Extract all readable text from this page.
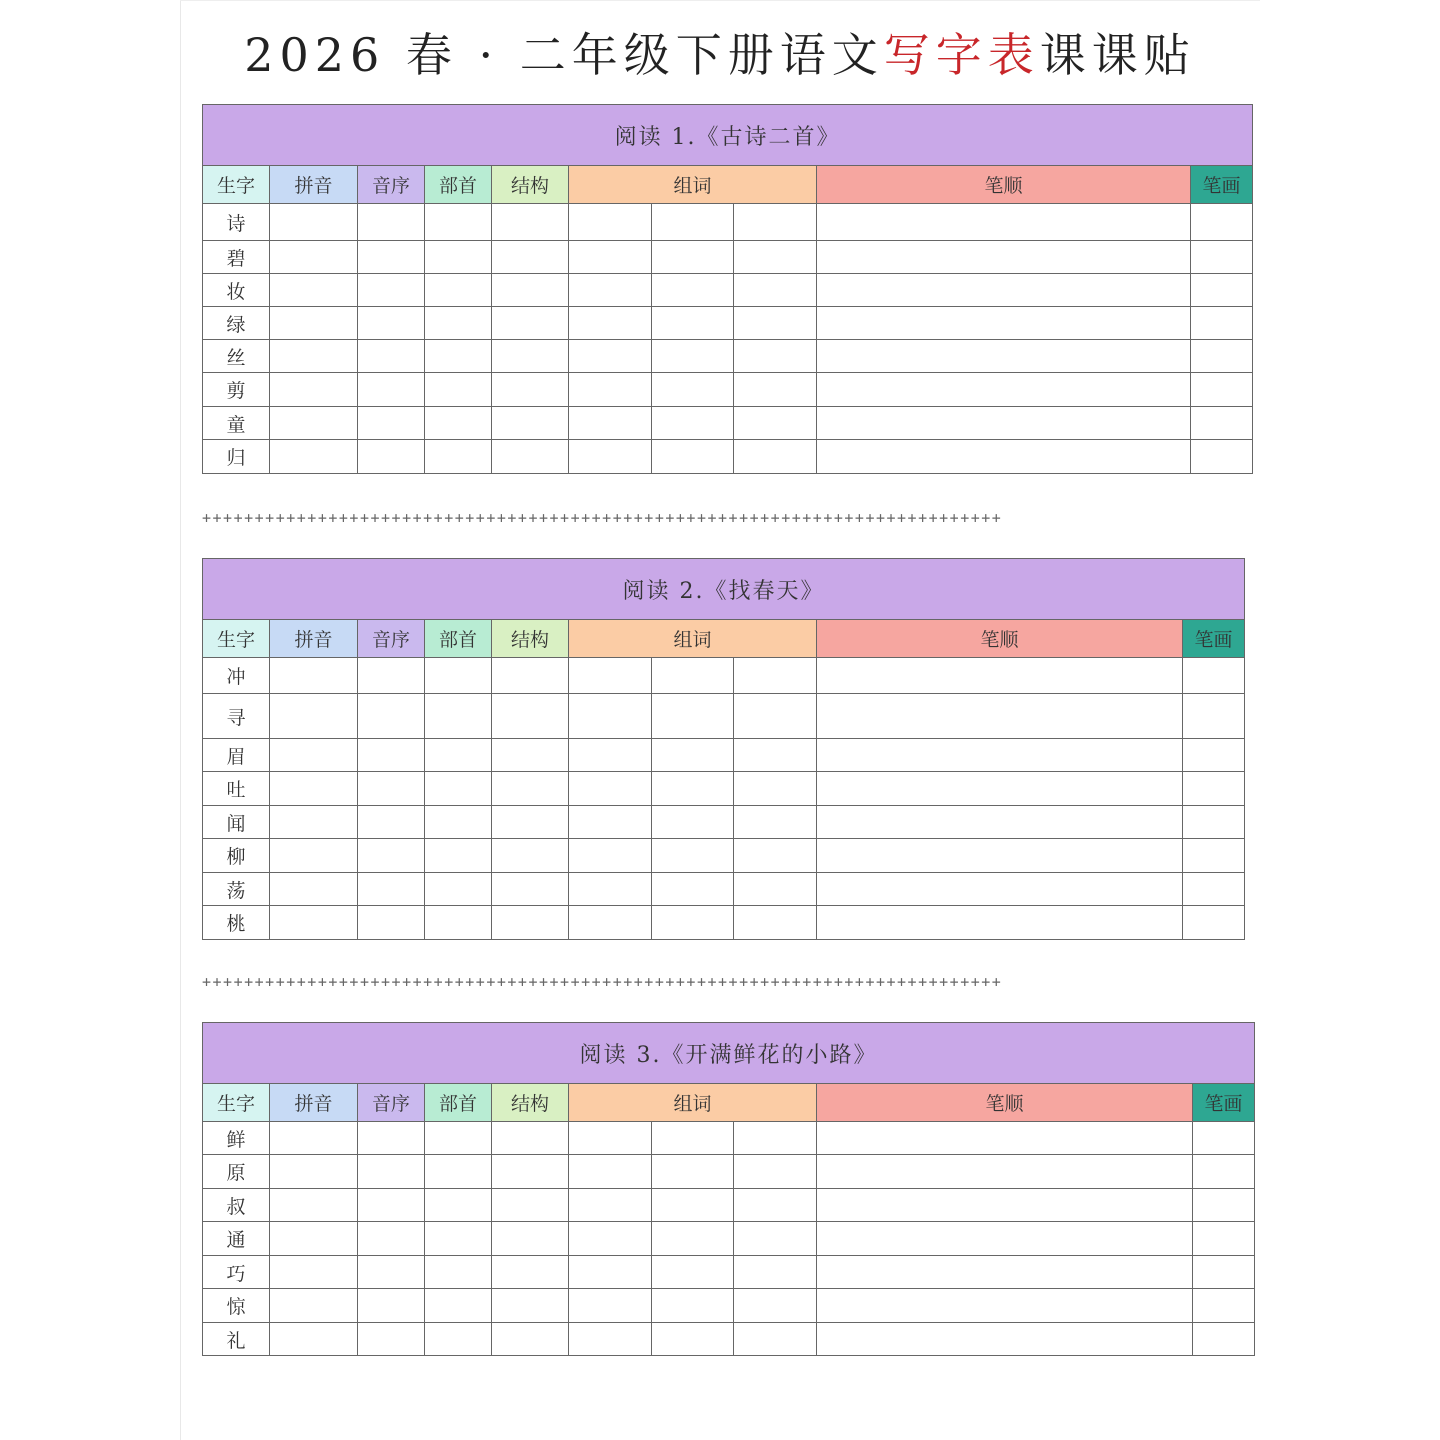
2026 春 · 二年级下册语文写字表课课贴
阅读 1.《古诗二首》									
生字	拼音	音序	部首	结构	组词			笔顺	笔画
诗									
碧									
妆									
绿									
丝									
剪									
童									
归									
阅读 2.《找春天》									
生字	拼音	音序	部首	结构	组词			笔顺	笔画
冲									
寻									
眉									
吐									
闻									
柳									
荡									
桃									
阅读 3.《开满鲜花的小路》									
生字	拼音	音序	部首	结构	组词			笔顺	笔画
鲜									
原									
叔									
通									
巧									
惊									
礼									
++++++++++++++++++++++++++++++++++++++++++++++++++++++++++++++++++++++++++++
++++++++++++++++++++++++++++++++++++++++++++++++++++++++++++++++++++++++++++
